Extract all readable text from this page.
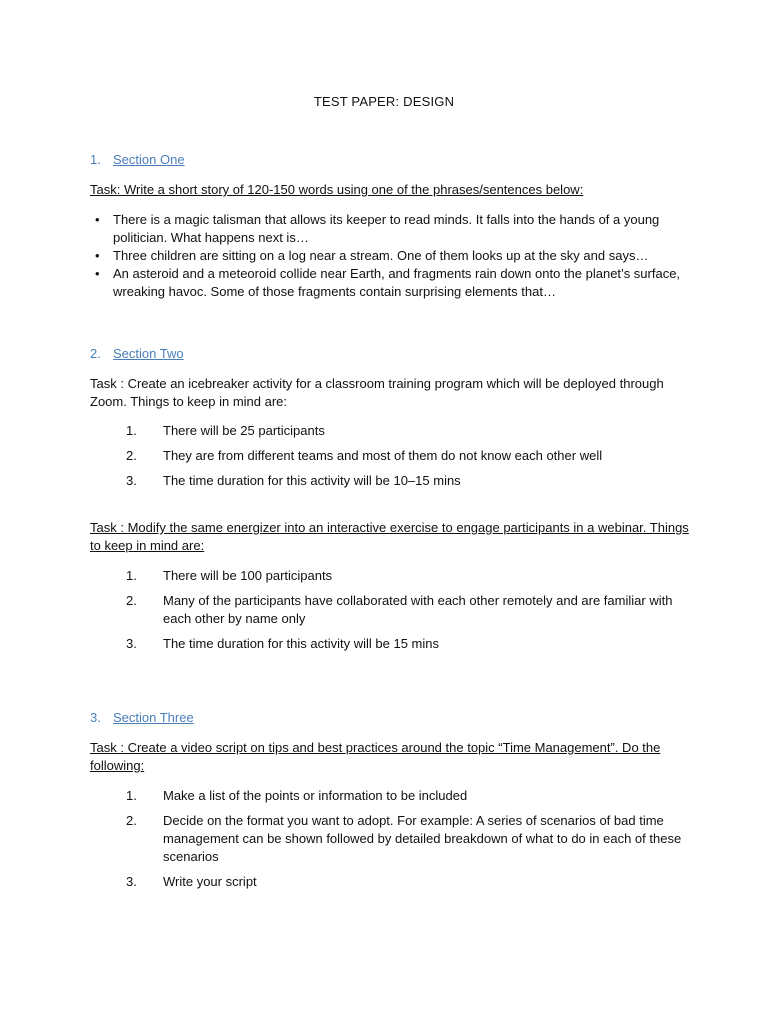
TEST PAPER: DESIGN
1. Section One
Task: Write a short story of 120-150 words using one of the phrases/sentences below:
• There is a magic talisman that allows its keeper to read minds. It falls into the hands of a young politician. What happens next is…
• Three children are sitting on a log near a stream. One of them looks up at the sky and says…
• An asteroid and a meteoroid collide near Earth, and fragments rain down onto the planet’s surface, wreaking havoc. Some of those fragments contain surprising elements that…
2. Section Two
Task : Create an icebreaker activity for a classroom training program which will be deployed through Zoom. Things to keep in mind are:
1. There will be 25 participants
2. They are from different teams and most of them do not know each other well
3. The time duration for this activity will be 10–15 mins
Task : Modify the same energizer into an interactive exercise to engage participants in a webinar. Things to keep in mind are:
1. There will be 100 participants
2. Many of the participants have collaborated with each other remotely and are familiar with each other by name only
3. The time duration for this activity will be 15 mins
3. Section Three
Task : Create a video script on tips and best practices around the topic “Time Management”. Do the following:
1. Make a list of the points or information to be included
2. Decide on the format you want to adopt. For example: A series of scenarios of bad time management can be shown followed by detailed breakdown of what to do in each of these scenarios
3. Write your script
